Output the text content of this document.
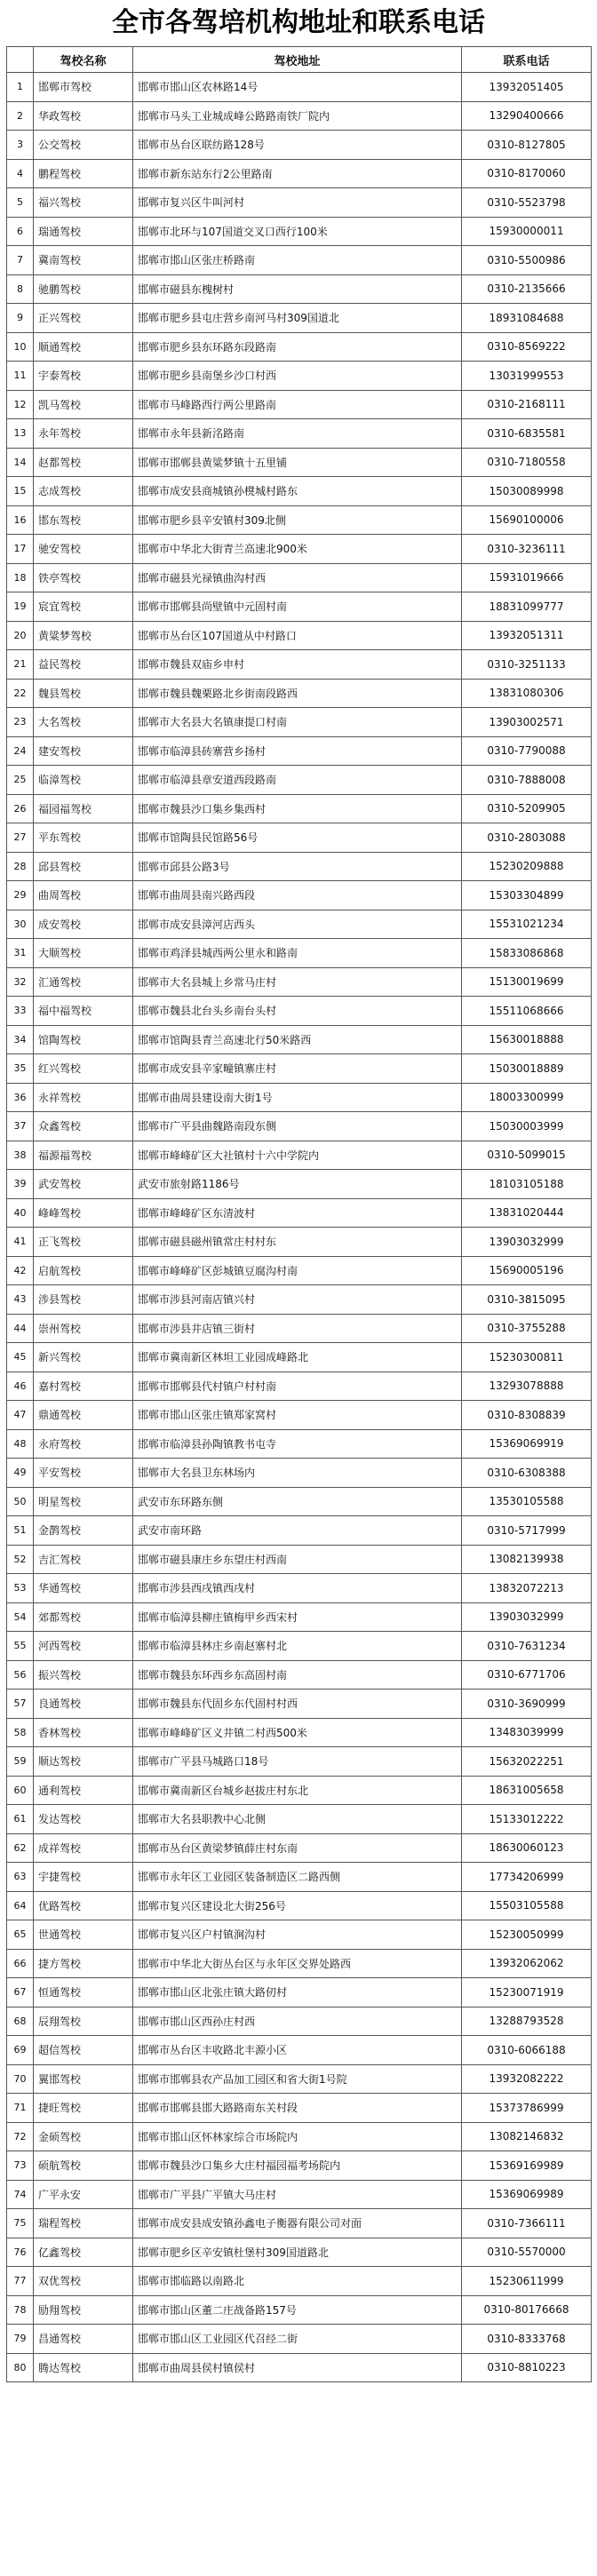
全市各驾培机构地址和联系电话
	驾校名称	驾校地址	联系电话
1	邯郸市驾校	邯郸市邯山区农林路14号	13932051405
2	华政驾校	邯郸市马头工业城成峰公路路南铁厂院内	13290400666
3	公交驾校	邯郸市丛台区联纺路128号	0310-8127805
4	鹏程驾校	邯郸市新东站东行2公里路南	0310-8170060
5	福兴驾校	邯郸市复兴区牛叫河村	0310-5523798
6	瑞通驾校	邯郸市北环与107国道交叉口西行100米	15930000011
7	冀南驾校	邯郸市邯山区张庄桥路南	0310-5500986
8	驰鹏驾校	邯郸市磁县东槐树村	0310-2135666
9	正兴驾校	邯郸市肥乡县屯庄营乡南河马村309国道北	18931084688
10	顺通驾校	邯郸市肥乡县东环路东段路南	0310-8569222
11	宇泰驾校	邯郸市肥乡县南堡乡沙口村西	13031999553
12	凯马驾校	邯郸市马峰路西行两公里路南	0310-2168111
13	永年驾校	邯郸市永年县新洺路南	0310-6835581
14	赵都驾校	邯郸市邯郸县黄粱梦镇十五里铺	0310-7180558
15	志成驾校	邯郸市成安县商城镇孙櫈城村路东	15030089998
16	邯东驾校	邯郸市肥乡县辛安镇村309北侧	15690100006
17	驰安驾校	邯郸市中华北大街青兰高速北900米	0310-3236111
18	铁亭驾校	邯郸市磁县光禄镇曲沟村西	15931019666
19	宸宜驾校	邯郸市邯郸县尚壁镇中元固村南	18831099777
20	黄粱梦驾校	邯郸市丛台区107国道从中村路口	13932051311
21	益民驾校	邯郸市魏县双庙乡申村	0310-3251133
22	魏县驾校	邯郸市魏县魏栗路北乡街南段路西	13831080306
23	大名驾校	邯郸市大名县大名镇康提口村南	13903002571
24	建安驾校	邯郸市临漳县砖寨营乡扬村	0310-7790088
25	临漳驾校	邯郸市临漳县章安道西段路南	0310-7888008
26	福园福驾校	邯郸市魏县沙口集乡集西村	0310-5209905
27	平东驾校	邯郸市馆陶县民馆路56号	0310-2803088
28	邱县驾校	邯郸市邱县公路3号	15230209888
29	曲周驾校	邯郸市曲周县南兴路西段	15303304899
30	成安驾校	邯郸市成安县漳河店西头	15531021234
31	大顺驾校	邯郸市鸡泽县城西两公里永和路南	15833086868
32	汇通驾校	邯郸市大名县城上乡常马庄村	15130019699
33	福中福驾校	邯郸市魏县北台头乡南台头村	15511068666
34	馆陶驾校	邯郸市馆陶县青兰高速北行50米路西	15630018888
35	红兴驾校	邯郸市成安县辛家疃镇寨庄村	15030018889
36	永祥驾校	邯郸市曲周县建设南大街1号	18003300999
37	众鑫驾校	邯郸市广平县曲魏路南段东侧	15030003999
38	福源福驾校	邯郸市峰峰矿区大社镇村十六中学院内	0310-5099015
39	武安驾校	武安市旅射路1186号	18103105188
40	峰峰驾校	邯郸市峰峰矿区东清波村	13831020444
41	正飞驾校	邯郸市磁县磁州镇常庄村村东	13903032999
42	启航驾校	邯郸市峰峰矿区彭城镇豆腐沟村南	15690005196
43	涉县驾校	邯郸市涉县河南店镇兴村	0310-3815095
44	崇州驾校	邯郸市涉县井店镇三街村	0310-3755288
45	新兴驾校	邯郸市冀南新区林坦工业园成峰路北	15230300811
46	嘉村驾校	邯郸市邯郸县代村镇户村村南	13293078888
47	鼎通驾校	邯郸市邯山区张庄镇郑家窝村	0310-8308839
48	永府驾校	邯郸市临漳县孙陶镇教书屯寺	15369069919
49	平安驾校	邯郸市大名县卫东林场内	0310-6308388
50	明星驾校	武安市东环路东侧	13530105588
51	金鹊驾校	武安市南环路	0310-5717999
52	吉汇驾校	邯郸市磁县康庄乡东望庄村西南	13082139938
53	华通驾校	邯郸市涉县西戌镇西戌村	13832072213
54	郊都驾校	邯郸市临漳县柳庄镇梅甲乡西宋村	13903032999
55	河西驾校	邯郸市临漳县林庄乡南赵寨村北	0310-7631234
56	振兴驾校	邯郸市魏县东环西乡东高固村南	0310-6771706
57	良通驾校	邯郸市魏县东代固乡东代固村村西	0310-3690999
58	香林驾校	邯郸市峰峰矿区义井镇二村西500米	13483039999
59	顺达驾校	邯郸市广平县马城路口18号	15632022251
60	通利驾校	邯郸市冀南新区台城乡赵拔庄村东北	18631005658
61	发达驾校	邯郸市大名县职教中心北侧	15133012222
62	成祥驾校	邯郸市丛台区黄梁梦镇薛庄村东南	18630060123
63	宇捷驾校	邯郸市永年区工业园区装备制造区二路西侧	17734206999
64	优路驾校	邯郸市复兴区建设北大街256号	15503105588
65	世通驾校	邯郸市复兴区户村镇涧沟村	15230050999
66	捷方驾校	邯郸市中华北大街丛台区与永年区交界处路西	13932062062
67	恒通驾校	邯郸市邯山区北张庄镇大路仞村	15230071919
68	辰翔驾校	邯郸市邯山区西孙庄村西	13288793528
69	超信驾校	邯郸市丛台区丰收路北丰源小区	0310-6066188
70	翼邯驾校	邯郸市邯郸县农产品加工园区和省大街1号院	13932082222
71	捷旺驾校	邯郸市邯郸县邯大路路南东关村段	15373786999
72	金硕驾校	邯郸市邯山区怀林家综合市场院内	13082146832
73	硕航驾校	邯郸市魏县沙口集乡大庄村福园福考场院内	15369169989
74	广平永安	邯郸市广平县广平镇大马庄村	15369069989
75	瑞程驾校	邯郸市成安县成安镇孙鑫电子衡器有限公司对面	0310-7366111
76	亿鑫驾校	邯郸市肥乡区辛安镇杜堡村309国道路北	0310-5570000
77	双优驾校	邯郸市邯临路以南路北	15230611999
78	励翔驾校	邯郸市邯山区董二庄战备路157号	0310-80176668
79	昌通驾校	邯郸市邯山区工业园区代召经二街	0310-8333768
80	腾达驾校	邯郸市曲周县侯村镇侯村	0310-8810223
